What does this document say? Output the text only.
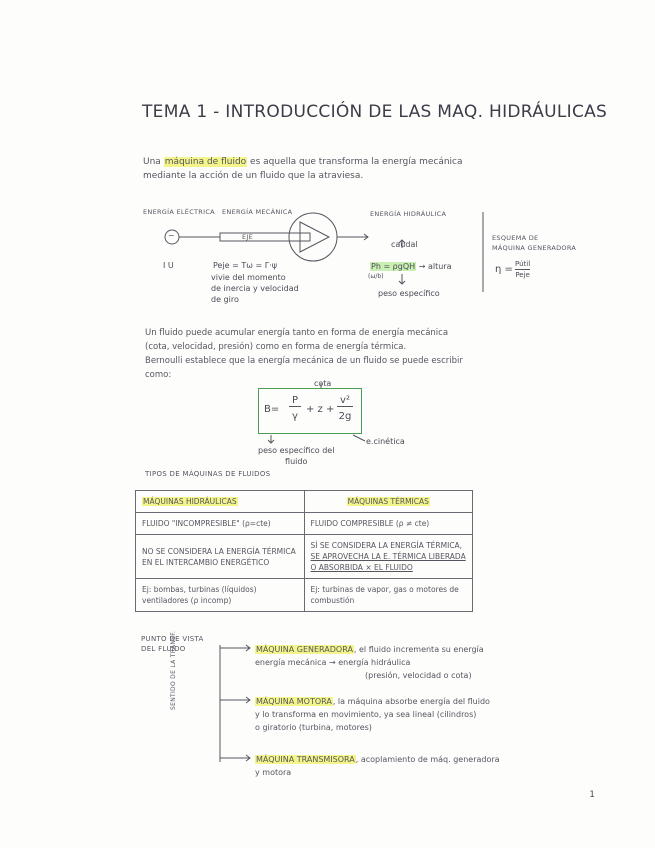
TEMA 1 - INTRODUCCIÓN DE LAS MAQ. HIDRÁULICAS
Una máquina de fluido es aquella que transforma la energía mecánica mediante la acción de un fluido que la atraviesa.
ENERGÍA ELÉCTRICA ENERGÍA MECÁNICA	ENERGÍA HIDRÁULICA
~	EJE
I U	Peje = Tω = Γ·ψ
vivie del momento
de inercia y velocidad
de giro
caudal
Ph = ρgQH → altura
(ω/b)
peso específico
ESQUEMA DE
MÁQUINA GENERADORA
η = Pútil
Peje
Un fluido puede acumular energía tanto en forma de energía mecánica
(cota, velocidad, presión) como en forma de energía térmica.
Bernoulli establece que la energía mecánica de un fluido se puede escribir
como:
cota
B=
P
γ
+ z +
v²
2g
e.cinética
peso específico del
fluido
TIPOS DE MÁQUINAS DE FLUIDOS
MÁQUINAS HIDRÁULICAS	MÁQUINAS TÉRMICAS
FLUIDO "INCOMPRESIBLE" (ρ=cte)	FLUIDO COMPRESIBLE (ρ ≠ cte)
NO SE CONSIDERA LA ENERGÍA TÉRMICA EN EL INTERCAMBIO ENERGÉTICO	SÍ SE CONSIDERA LA ENERGÍA TÉRMICA, SE APROVECHA LA E. TÉRMICA LIBERADA O ABSORBIDA × EL FLUIDO
Ej: bombas, turbinas (líquidos) ventiladores (ρ incomp)	Ej: turbinas de vapor, gas o motores de combustión
PUNTO DE VISTA
DEL FLUIDO
SENTIDO DE LA TRANSF.	MÁQUINA GENERADORA, el fluido incrementa su energía
energía mecánica → energía hidráulica
(presión, velocidad o cota)
MÁQUINA MOTORA, la máquina absorbe energía del fluido
y lo transforma en movimiento, ya sea lineal (cilindros)
o giratorio (turbina, motores)
MÁQUINA TRANSMISORA, acoplamiento de máq. generadora
y motora
1
